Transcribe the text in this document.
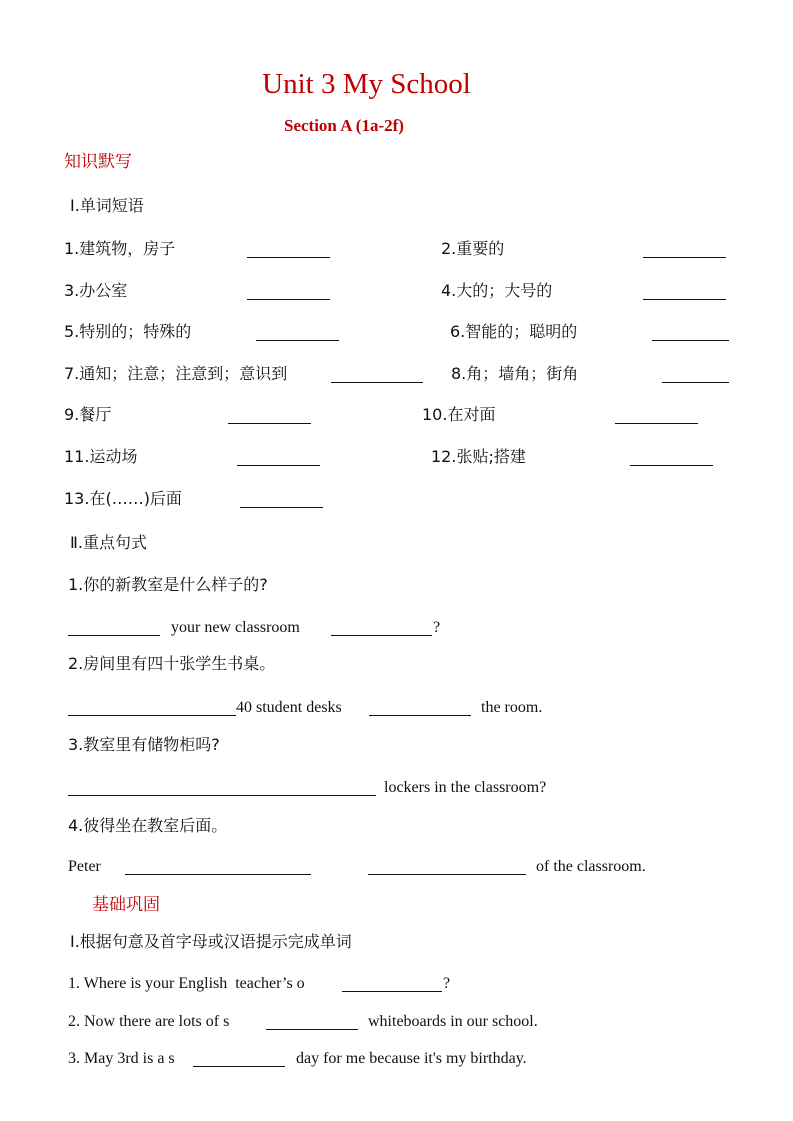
Unit 3 My School
Section A (1a-2f)
知识默写
Ⅰ.单词短语
1.建筑物，房子	2.重要的
3.办公室	4.大的；大号的
5.特别的；特殊的	6.智能的；聪明的
7.通知；注意；注意到；意识到	8.角；墙角；街角
9.餐厅	10.在对面
11.运动场	12.张贴;搭建
13.在(……)后面
Ⅱ.重点句式
1.你的新教室是什么样子的?
your new classroom	?
2.房间里有四十张学生书桌。
40 student desks	the room.
3.教室里有储物柜吗?
lockers in the classroom?
4.彼得坐在教室后面。
Peter	of the classroom.
基础巩固
Ⅰ.根据句意及首字母或汉语提示完成单词
1. Where is your English  teacher’s o	?
2. Now there are lots of s	whiteboards in our school.
3. May 3rd is a s	day for me because it's my birthday.
